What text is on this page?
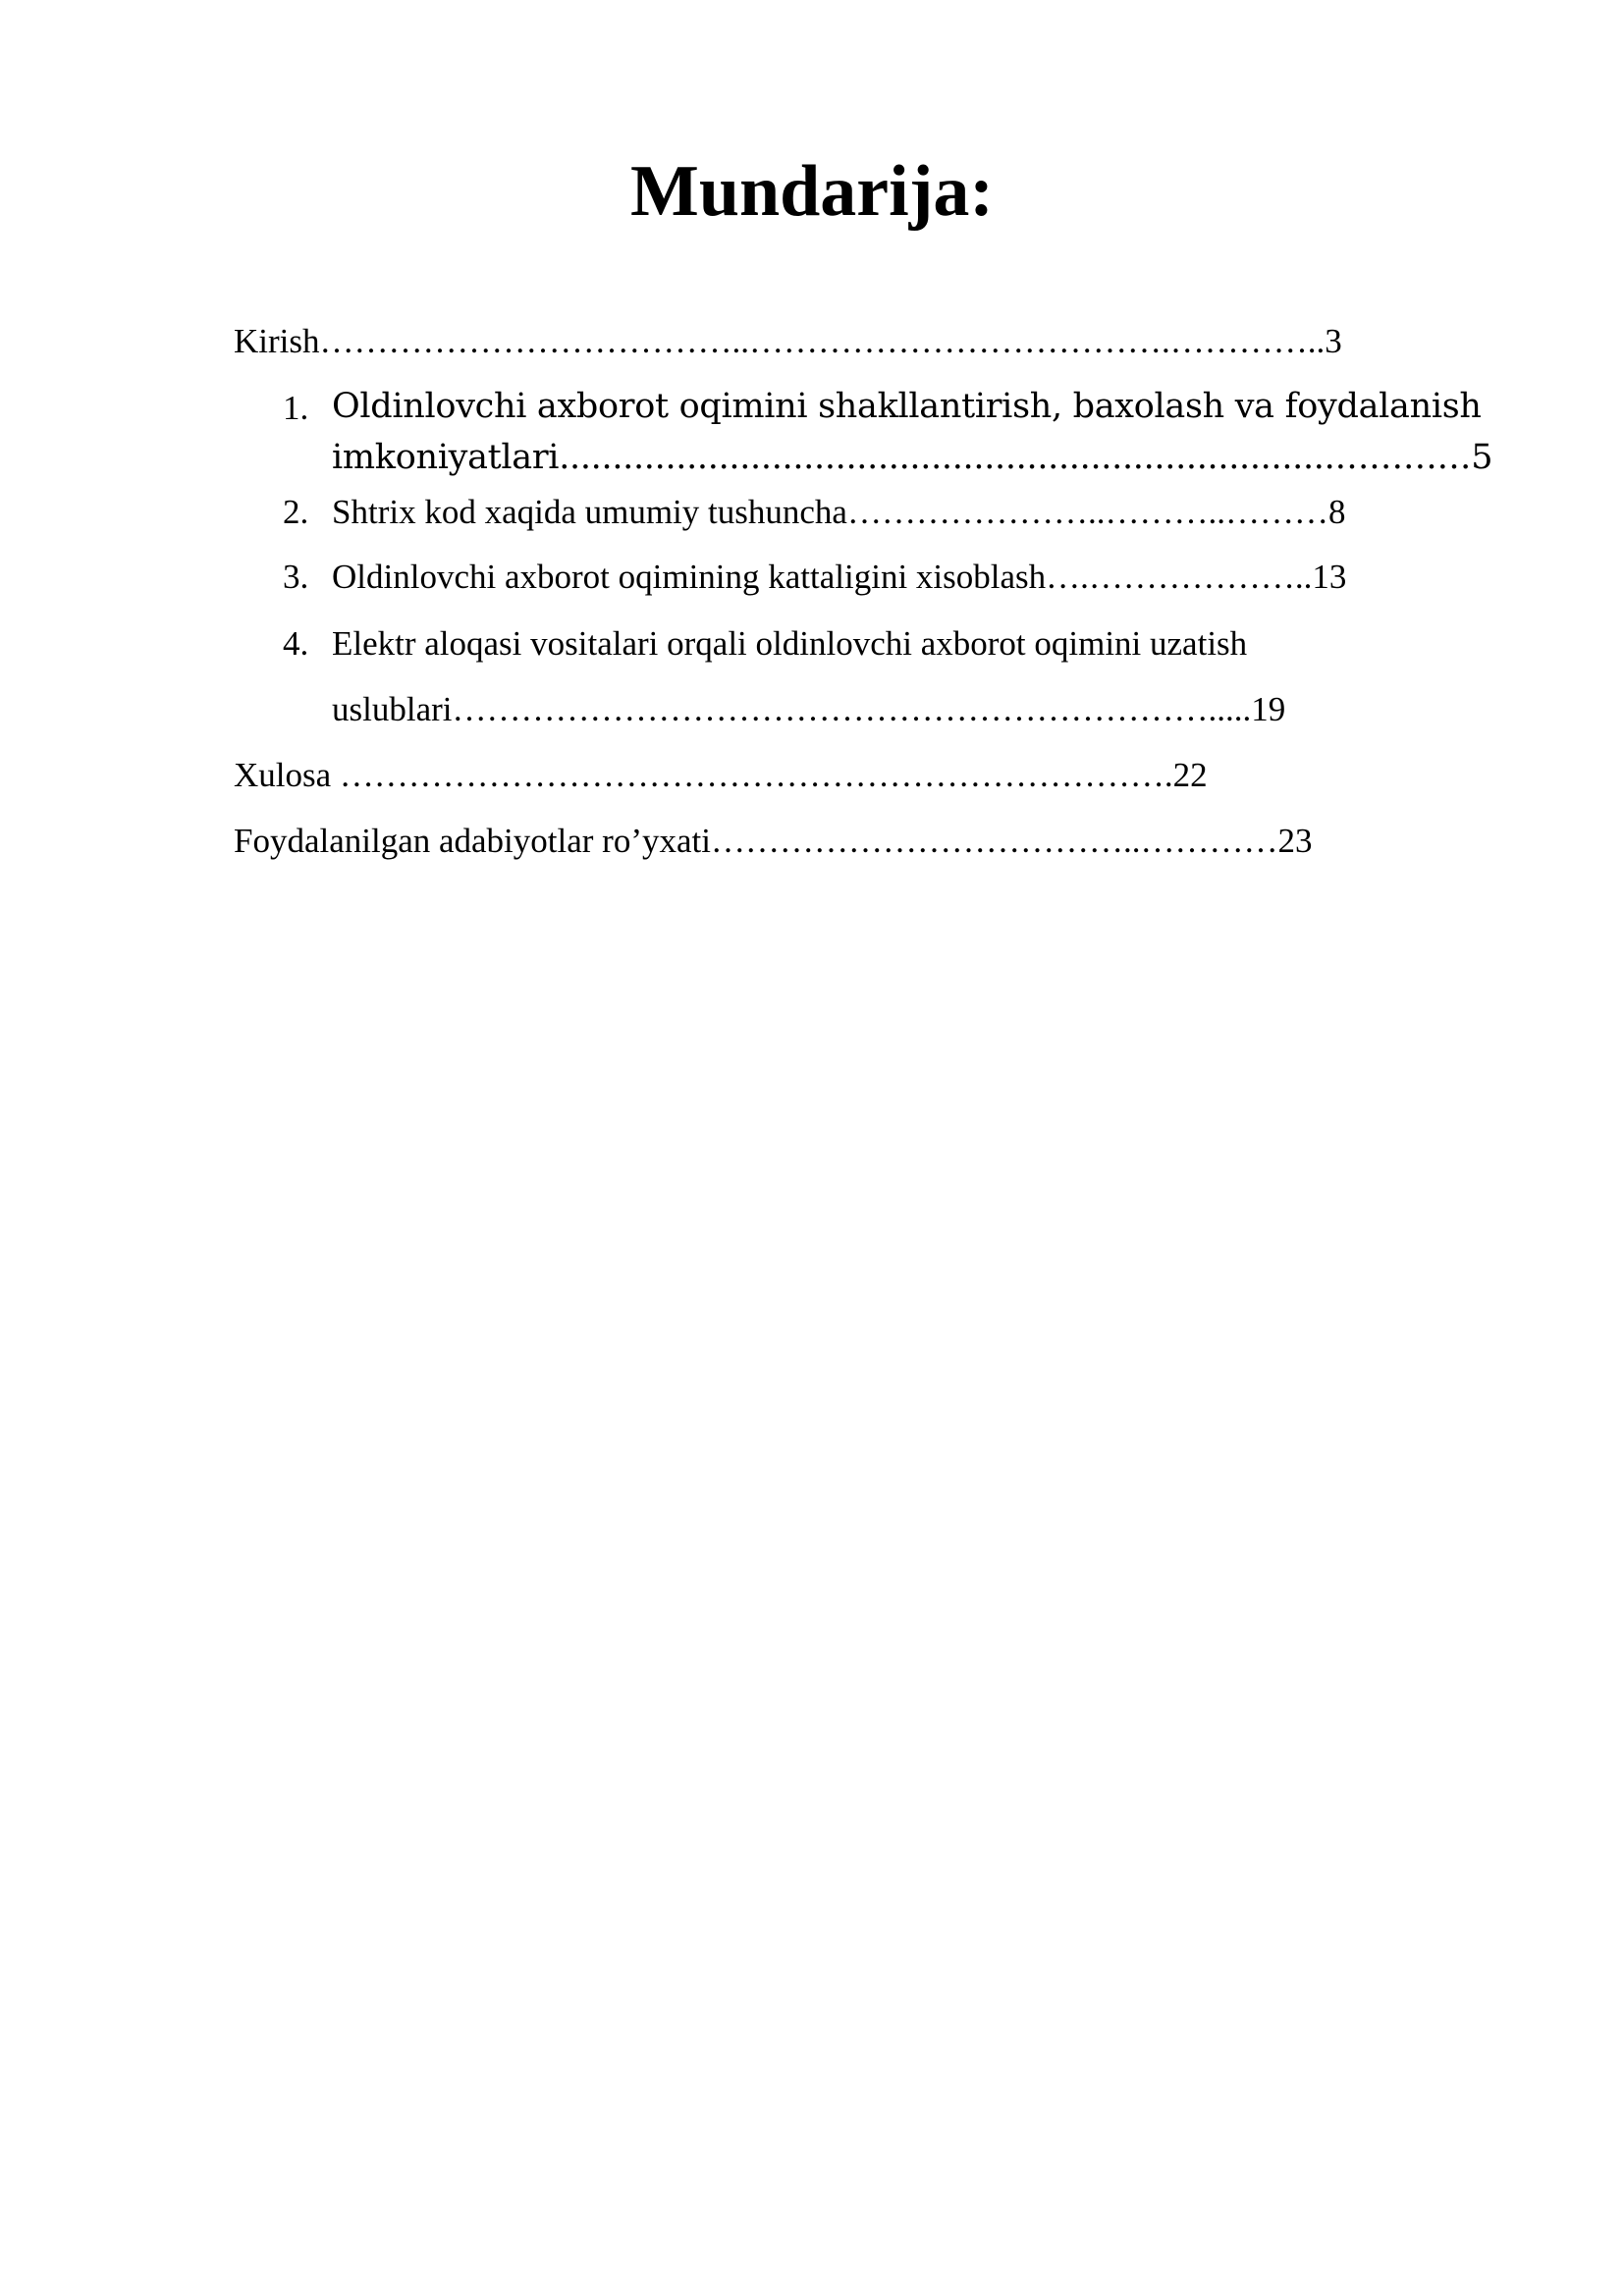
Mundarija:

Kirish………………………………..……………………………….…………..3

1. Oldinlovchi axborot oqimini shakllantirish, baxolash va foydalanish

imkoniyatlari.........................................................................…………5

2. Shtrix kod xaqida umumiy tushuncha…………………..………..………8

3. Oldinlovchi axborot oqimining kattaligini xisoblash….………………..13

4. Elektr aloqasi vositalari orqali oldinlovchi axborot oqimini uzatish

uslublari………………………………………………………….....19

Xulosa ……………………………………………………………….22

Foydalanilgan adabiyotlar ro’yxati………………………………..…………23
